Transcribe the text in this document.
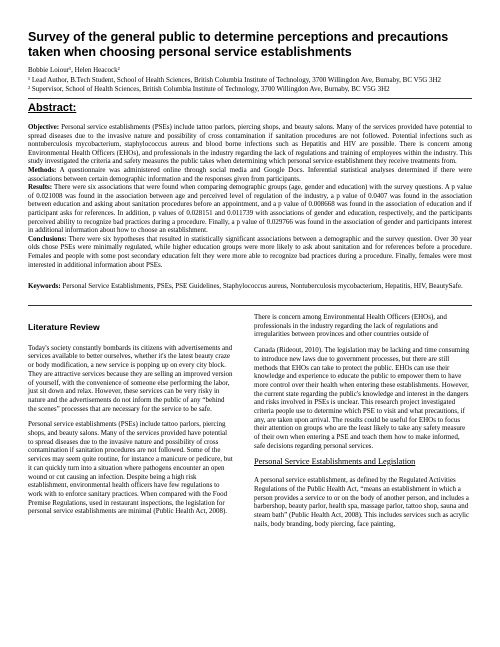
Survey of the general public to determine perceptions and precautions taken when choosing personal service establishments
Bobbie Loiour¹, Helen Heacock²
¹ Lead Author, B.Tech Student, School of Health Sciences, British Columbia Institute of Technology, 3700 Willingdon Ave, Burnaby, BC V5G 3H2
² Supervisor, School of Health Sciences, British Columbia Institute of Technology, 3700 Willingdon Ave, Burnaby, BC V5G 3H2
Abstract:

Objective: Personal service establishments (PSEs) include tattoo parlors, piercing shops, and beauty salons. Many of the services provided have potential to spread diseases due to the invasive nature and possibility of cross contamination if sanitation procedures are not followed. Potential infections such as nontuberculosis mycobacterium, staphylococcus aureus and blood borne infections such as Hepatitis and HIV are possible. There is concern among Environmental Health Officers (EHOs), and professionals in the industry regarding the lack of regulations and training of employees within the industry. This study investigated the criteria and safety measures the public takes when determining which personal service establishment they receive treatments from.

Methods: A questionnaire was administered online through social media and Google Docs. Inferential statistical analyses determined if there were associations between certain demographic information and the responses given from participants.

Results: There were six associations that were found when comparing demographic groups (age, gender and education) with the survey questions. A p value of 0.021008 was found in the association between age and perceived level of regulation of the industry, a p value of 0.0407 was found in the association between education and asking about sanitation procedures before an appointment, and a p value of 0.008668 was found in the association of education and if participant asks for references. In addition, p values of 0.028151 and 0.011739 with associations of gender and education, respectively, and the participants perceived ability to recognize bad practices during a procedure. Finally, a p value of 0.029766 was found in the association of gender and participants interest in additional information about how to choose an establishment.

Conclusions: There were six hypotheses that resulted in statistically significant associations between a demographic and the survey question. Over 30 year olds chose PSEs were minimally regulated, while higher education groups were more likely to ask about sanitation and for references before a procedure. Females and people with some post secondary education felt they were more able to recognize bad practices during a procedure. Finally, females were most interested in additional information about PSEs.

Keywords: Personal Service Establishments, PSEs, PSE Guidelines, Staphylococcus aureus, Nontuberculosis mycobacterium, Hepatitis, HIV, BeautySafe.
Literature Review

Today's society constantly bombards its citizens with advertisements and services available to better ourselves, whether it's the latest beauty craze or body modification, a new service is popping up on every city block. They are attractive services because they are selling an improved version of yourself, with the convenience of someone else performing the labor, just sit down and relax. However, these services can be very risky in nature and the advertisements do not inform the public of any “behind the scenes” processes that are necessary for the service to be safe.

Personal service establishments (PSEs) include tattoo parlors, piercing shops, and beauty salons. Many of the services provided have potential to spread diseases due to the invasive nature and possibility of cross contamination if sanitation procedures are not followed. Some of the services may seem quite routine, for instance a manicure or pedicure, but it can quickly turn into a situation where pathogens encounter an open wound or cut causing an infection. Despite being a high risk establishment, environmental health officers have few regulations to work with to enforce sanitary practices. When compared with the Food Premise Regulations, used in restaurant inspections, the legislation for personal service establishments are minimal (Public Health Act, 2008).

There is concern among Environmental Health Officers (EHOs), and professionals in the industry regarding the lack of regulations and irregularities between provinces and other countries outside of

Canada (Rideout, 2010). The legislation may be lacking and time consuming to introduce new laws due to government processes, but there are still methods that EHOs can take to protect the public. EHOs can use their knowledge and experience to educate the public to empower them to have more control over their health when entering these establishments. However, the current state regarding the public's knowledge and interest in the dangers and risks involved in PSEs is unclear. This research project investigated criteria people use to determine which PSE to visit and what precautions, if any, are taken upon arrival. The results could be useful for EHOs to focus their attention on groups who are the least likely to take any safety measure of their own when entering a PSE and teach them how to make informed, safe decisions regarding personal services.

Personal Service Establishments and Legislation

A personal service establishment, as defined by the Regulated Activities Regulations of the Public Health Act, “means an establishment in which a person provides a service to or on the body of another person, and includes a barbershop, beauty parlor, health spa, massage parlor, tattoo shop, sauna and steam bath” (Public Health Act, 2008). This includes services such as acrylic nails, body branding, body piercing, face painting,
